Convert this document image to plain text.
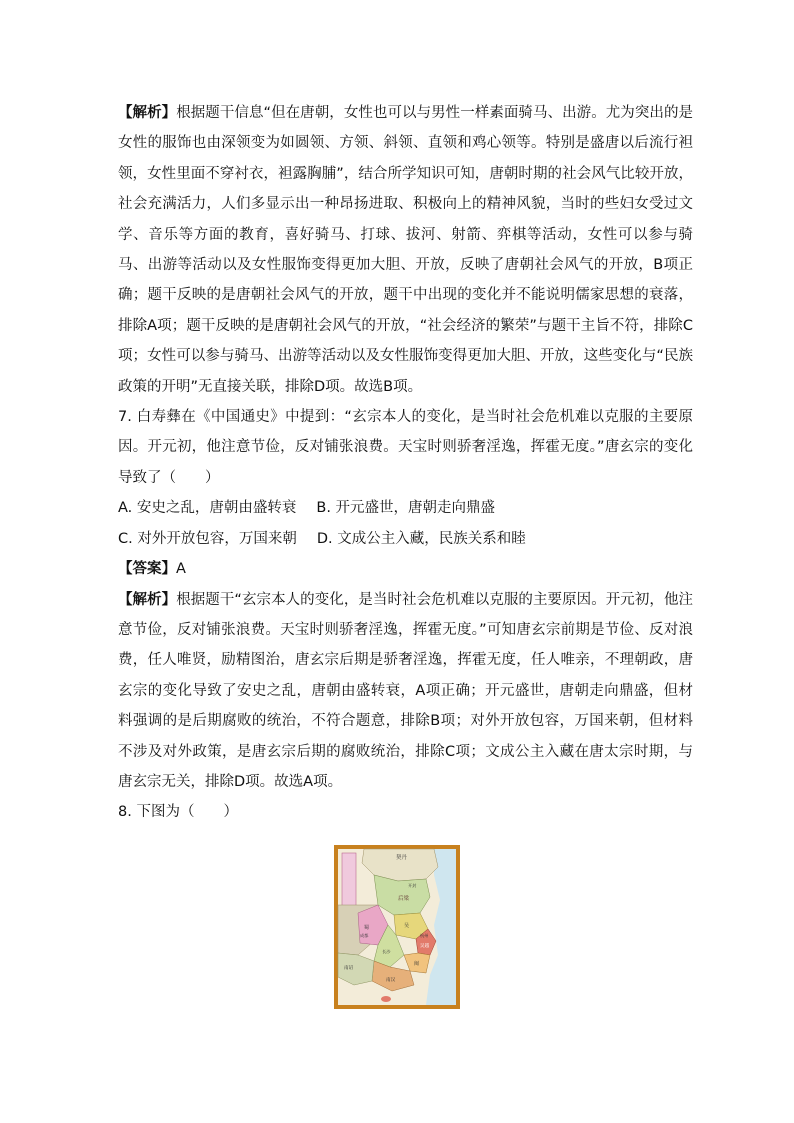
【解析】根据题干信息“但在唐朝，女性也可以与男性一样素面骑马、出游。尤为突出的是女性的服饰也由深领变为如圆领、方领、斜领、直领和鸡心领等。特别是盛唐以后流行袒领，女性里面不穿衬衣，袒露胸脯”，结合所学知识可知，唐朝时期的社会风气比较开放，社会充满活力，人们多显示出一种昂扬进取、积极向上的精神风貌，当时的些妇女受过文学、音乐等方面的教育，喜好骑马、打球、拔河、射箭、弈棋等活动，女性可以参与骑马、出游等活动以及女性服饰变得更加大胆、开放，反映了唐朝社会风气的开放，B项正确；题干反映的是唐朝社会风气的开放，题干中出现的变化并不能说明儒家思想的衰落，排除A项；题干反映的是唐朝社会风气的开放，“社会经济的繁荣”与题干主旨不符，排除C项；女性可以参与骑马、出游等活动以及女性服饰变得更加大胆、开放，这些变化与“民族政策的开明”无直接关联，排除D项。故选B项。

7. 白寿彝在《中国通史》中提到：“玄宗本人的变化，是当时社会危机难以克服的主要原因。开元初，他注意节俭，反对铺张浪费。天宝时则骄奢淫逸，挥霍无度。”唐玄宗的变化导致了（　　）

A. 安史之乱，唐朝由盛转衰 B. 开元盛世，唐朝走向鼎盛
C. 对外开放包容，万国来朝 D. 文成公主入藏，民族关系和睦

【答案】A

【解析】根据题干“玄宗本人的变化，是当时社会危机难以克服的主要原因。开元初，他注意节俭，反对铺张浪费。天宝时则骄奢淫逸，挥霍无度。”可知唐玄宗前期是节俭、反对浪费，任人唯贤，励精图治，唐玄宗后期是骄奢淫逸，挥霍无度，任人唯亲，不理朝政，唐玄宗的变化导致了安史之乱，唐朝由盛转衰，A项正确；开元盛世，唐朝走向鼎盛，但材料强调的是后期腐败的统治，不符合题意，排除B项；对外开放包容，万国来朝，但材料不涉及对外政策，是唐玄宗后期的腐败统治，排除C项；文成公主入藏在唐太宗时期，与唐玄宗无关，排除D项。故选A项。

8. 下图为（　　）

契丹
后梁
开封
蜀
成都
吴
长沙
杭州
吴越
闽
南汉
南诏
